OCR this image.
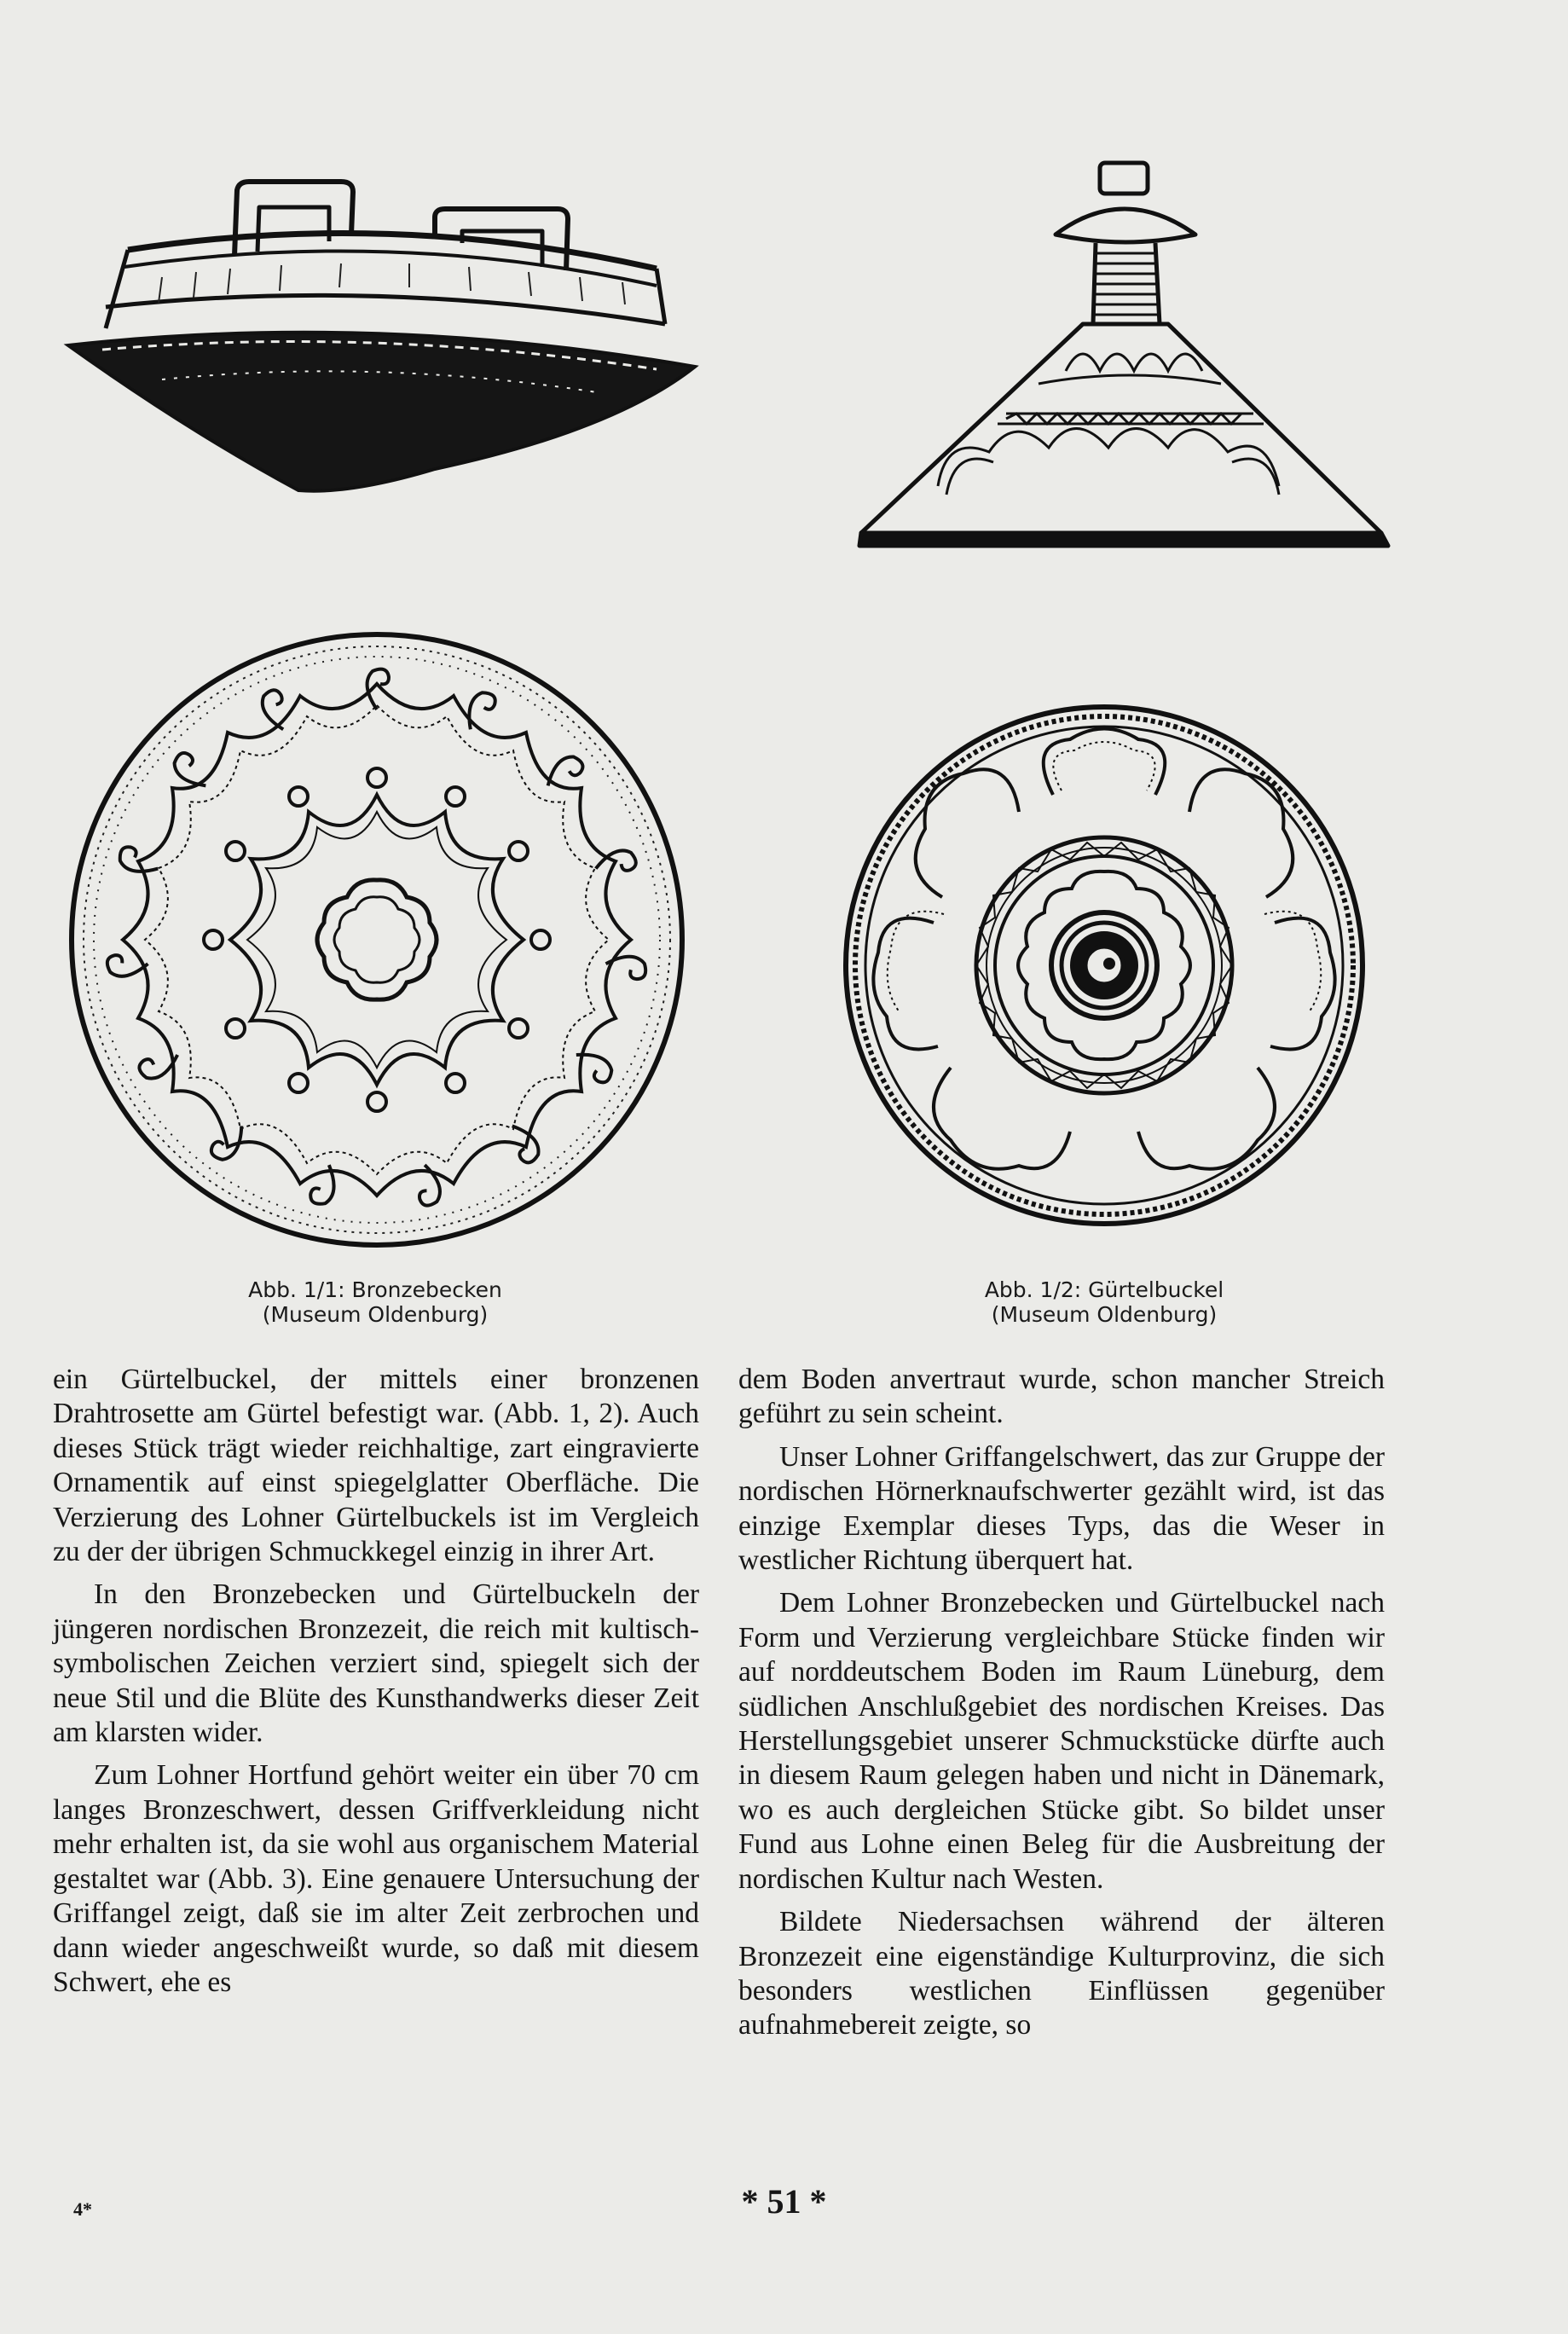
Abb. 1/1: Bronzebecken
(Museum Oldenburg)
Abb. 1/2: Gürtelbuckel
(Museum Oldenburg)

ein Gürtelbuckel, der mittels einer bronzenen Drahtrosette am Gürtel befestigt war. (Abb. 1, 2). Auch dieses Stück trägt wieder reichhaltige, zart eingravierte Ornamentik auf einst spiegelglatter Oberfläche. Die Verzierung des Lohner Gürtelbuckels ist im Vergleich zu der der übrigen Schmuckkegel einzig in ihrer Art.

In den Bronzebecken und Gürtelbuckeln der jüngeren nordischen Bronzezeit, die reich mit kultisch-symbolischen Zeichen verziert sind, spiegelt sich der neue Stil und die Blüte des Kunsthandwerks dieser Zeit am klarsten wider.

Zum Lohner Hortfund gehört weiter ein über 70 cm langes Bronzeschwert, dessen Griffverkleidung nicht mehr erhalten ist, da sie wohl aus organischem Material gestaltet war (Abb. 3). Eine genauere Untersuchung der Griffangel zeigt, daß sie im alter Zeit zerbrochen und dann wieder angeschweißt wurde, so daß mit diesem Schwert, ehe es

dem Boden anvertraut wurde, schon mancher Streich geführt zu sein scheint.

Unser Lohner Griffangelschwert, das zur Gruppe der nordischen Hörnerknaufschwerter gezählt wird, ist das einzige Exemplar dieses Typs, das die Weser in westlicher Richtung überquert hat.

Dem Lohner Bronzebecken und Gürtelbuckel nach Form und Verzierung vergleichbare Stücke finden wir auf norddeutschem Boden im Raum Lüneburg, dem südlichen Anschlußgebiet des nordischen Kreises. Das Herstellungsgebiet unserer Schmuckstücke dürfte auch in diesem Raum gelegen haben und nicht in Dänemark, wo es auch dergleichen Stücke gibt. So bildet unser Fund aus Lohne einen Beleg für die Ausbreitung der nordischen Kultur nach Westen.

Bildete Niedersachsen während der älteren Bronzezeit eine eigenständige Kulturprovinz, die sich besonders westlichen Einflüssen gegenüber aufnahmebereit zeigte, so

4*	* 51 *
